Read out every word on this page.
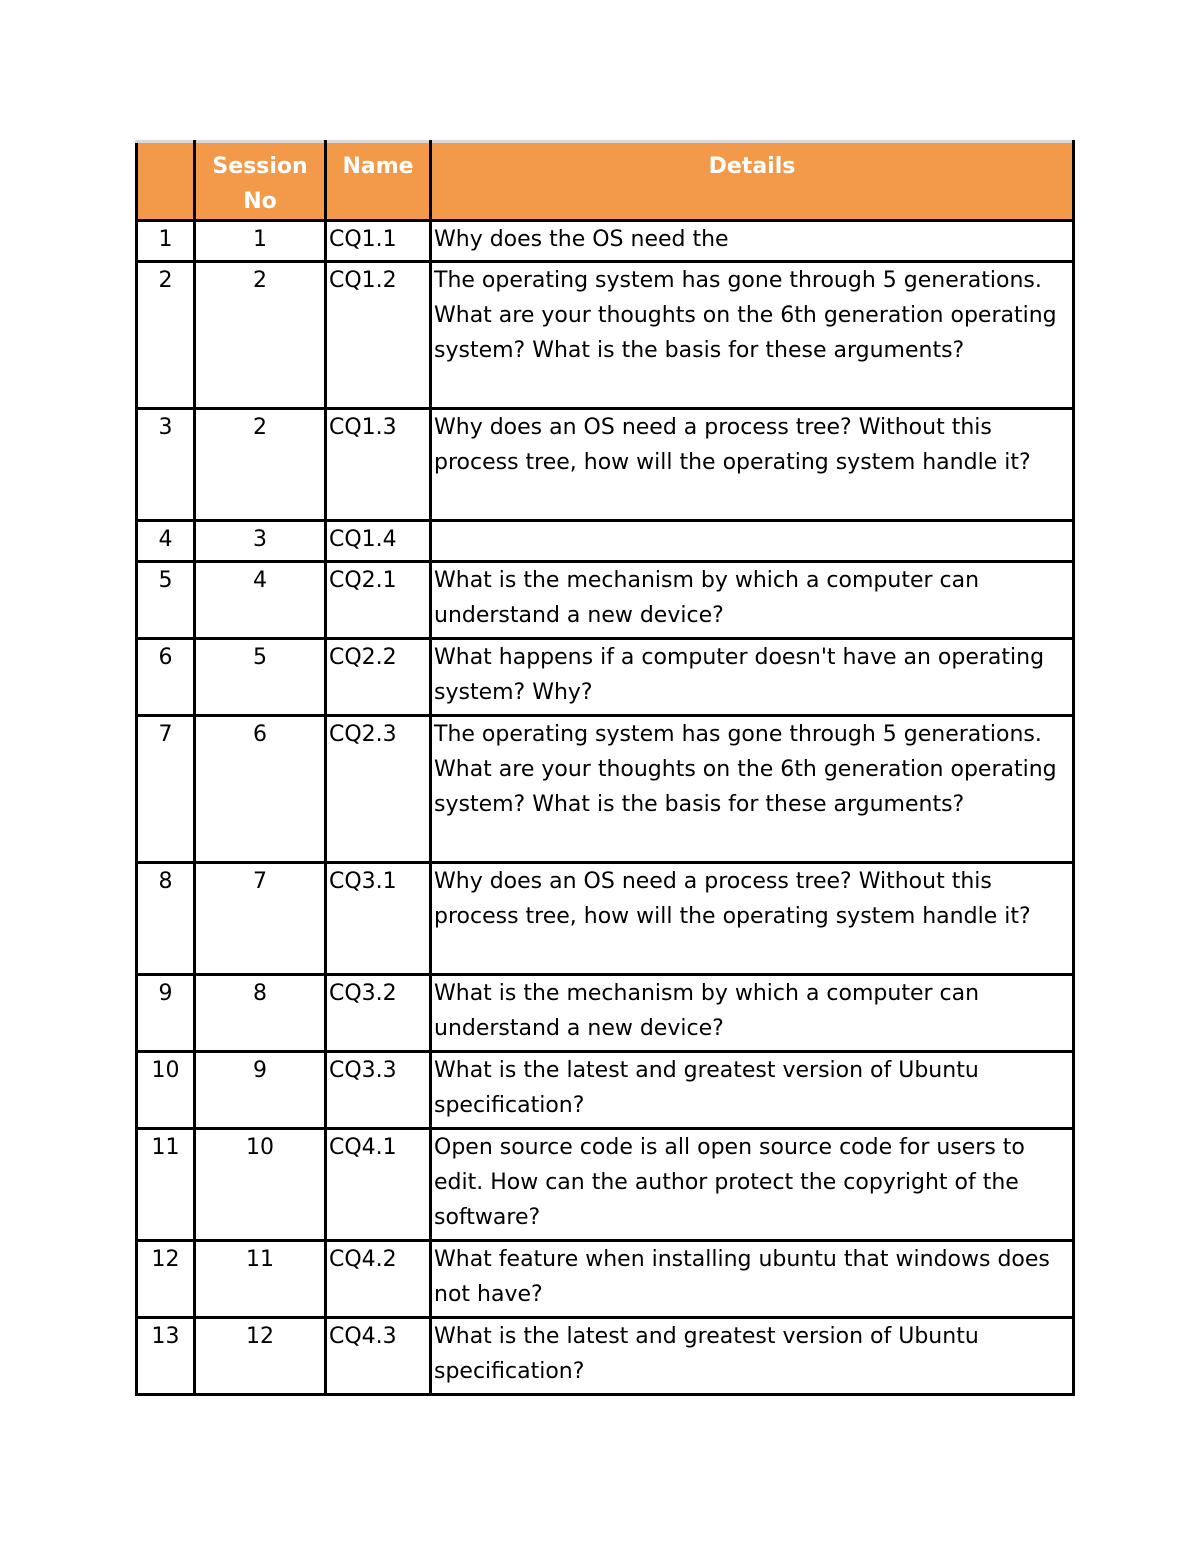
	Session No	Name	Details
1	1	CQ1.1	Why does the OS need the
2	2	CQ1.2	The operating system has gone through 5 generations. What are your thoughts on the 6th generation operating system? What is the basis for these arguments?
3	2	CQ1.3	Why does an OS need a process tree? Without this process tree, how will the operating system handle it?
4	3	CQ1.4	
5	4	CQ2.1	What is the mechanism by which a computer can understand a new device?
6	5	CQ2.2	What happens if a computer doesn't have an operating system? Why?
7	6	CQ2.3	The operating system has gone through 5 generations. What are your thoughts on the 6th generation operating system? What is the basis for these arguments?
8	7	CQ3.1	Why does an OS need a process tree? Without this process tree, how will the operating system handle it?
9	8	CQ3.2	What is the mechanism by which a computer can understand a new device?
10	9	CQ3.3	What is the latest and greatest version of Ubuntu specification?
11	10	CQ4.1	Open source code is all open source code for users to edit. How can the author protect the copyright of the software?
12	11	CQ4.2	What feature when installing ubuntu that windows does not have?
13	12	CQ4.3	What is the latest and greatest version of Ubuntu specification?
